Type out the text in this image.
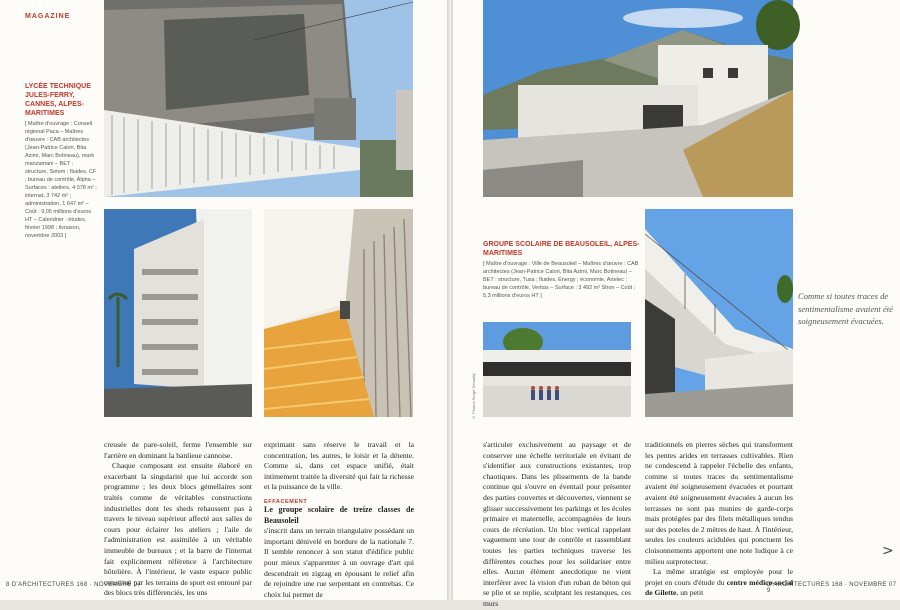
MAGAZINE
LYCÉE TECHNIQUE JULES-FERRY, CANNES, ALPES-MARITIMES
[ Maître d'ouvrage : Conseil régional Paca – Maîtres d'œuvre : CAB architectes (Jean-Patrice Calori, Bita Azimi, Marc Botineau), mark manzamani – BET : structure, Sotem ; fluides, CF ; bureau de contrôle, Alpha – Surfaces : ateliers, 4 078 m² ; internat, 3 742 m² ; administration, 1 647 m² – Coût : 9,05 millions d'euros HT – Calendrier : études, février 1998 ; livraison, novembre 2003 ]

creusée de pare-soleil, ferme l'ensemble sur l'arrière en dominant la banlieue cannoise.

Chaque composant est ensuite élaboré en exacerbant la singularité que lui accorde son programme ; les deux blocs gémellaires sont traités comme de véritables constructions industrielles dont les sheds rehaussent pas à travers le niveau supérieur affecté aux salles de cours pour éclairer les ateliers ; l'aile de l'administration est assimilée à un véritable immeuble de bureaux ; et la barre de l'internat fait explicitement référence à l'architecture hôtelière. À l'intérieur, le vaste espace public constitué par les terrains de sport est entouré par des blocs très différenciés, les uns

exprimant sans réserve le travail et la concentration, les autres, le loisir et la détente. Comme si, dans cet espace unifié, était intimement traitée la diversité qui fait la richesse et la puissance de la ville.

EFFACEMENT

Le groupe scolaire de treize classes de Beausoleil

s'inscrit dans un terrain triangulaire possédant un important dénivelé en bordure de la nationale 7. Il semble renoncer à son statut d'édifice public pour mieux s'apparenter à un ouvrage d'art qui descendrait en zigzag en épousant le relief afin de rejoindre une rue serpentant en contrebas. Ce choix lui permet de

8 D'ARCHITECTURES 168 · NOVEMBRE 07
GROUPE SCOLAIRE DE BEAUSOLEIL, ALPES-MARITIMES
[ Maître d'ouvrage : Ville de Beausoleil – Maîtres d'œuvre : CAB architectes (Jean-Patrice Calori, Bita Azimi, Marc Botineau) – BET : structure, Tusa ; fluides, Energy ; économie, Artelec ; bureau de contrôle, Veritas – Surface : 3 492 m² Shon – Coût : 5,3 millions d'euros HT ]
© Photos Serge Demailly
Comme si toutes traces de sentimentalisme avaient été soigneusement évacuées.

s'articuler exclusivement au paysage et de conserver une échelle territoriale en évitant de s'identifier aux constructions existantes, trop chaotiques. Dans les plissements de la bande continue qui s'ouvre en éventail pour présenter des parties couvertes et découvertes, viennent se glisser successivement les parkings et les écoles primaire et maternelle, accompagnées de leurs cours de récréation. Un bloc vertical rappelant vaguement une tour de contrôle et rassemblant toutes les parties techniques traverse les différentes couches pour les solidariser entre elles. Aucun élément anecdotique ne vient interférer avec la vision d'un ruban de béton qui se plie et se replie, sculptant les restanques, ces murs

traditionnels en pierres sèches qui transforment les pentes arides en terrasses cultivables. Rien ne condescend à rappeler l'échelle des enfants, comme si toutes traces du sentimentalisme avaient été soigneusement évacuées et pourtant avaient été soigneusement évacuées à aucun les terrasses ne sont pas munies de garde-corps mais protégées par des filets métalliques tendus sur des poteles de 2 mètres de haut. À l'intérieur, seules les couleurs acidulées qui ponctuent les cloisonnements apportent une note ludique à ce milieu surprotecteur.

La même stratégie est employée pour le projet en cours d'étude du centre médico-social de Gilette, un petit

>
D'ARCHITECTURES 168 · NOVEMBRE 07 9
